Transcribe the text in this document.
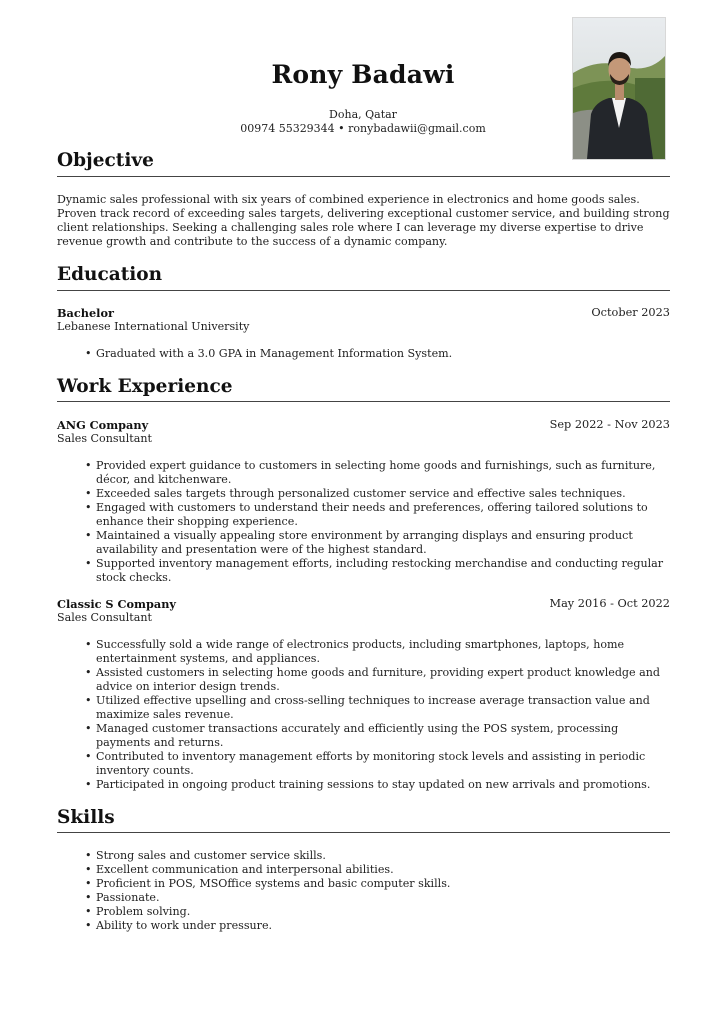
Rony Badawi
Doha, Qatar
00974 55329344 • ronybadawii@gmail.com
Objective
Dynamic sales professional with six years of combined experience in electronics and home goods sales. Proven track record of exceeding sales targets, delivering exceptional customer service, and building strong client relationships. Seeking a challenging sales role where I can leverage my diverse expertise to drive revenue growth and contribute to the success of a dynamic company.
Education
Bachelor	October 2023
Lebanese International University
• Graduated with a 3.0 GPA in Management Information System.
Work Experience
ANG Company	Sep 2022 - Nov 2023
Sales Consultant
• Provided expert guidance to customers in selecting home goods and furnishings, such as furniture, décor, and kitchenware.
• Exceeded sales targets through personalized customer service and effective sales techniques.
• Engaged with customers to understand their needs and preferences, offering tailored solutions to enhance their shopping experience.
• Maintained a visually appealing store environment by arranging displays and ensuring product availability and presentation were of the highest standard.
• Supported inventory management efforts, including restocking merchandise and conducting regular stock checks.
Classic S Company	May 2016 - Oct 2022
Sales Consultant
• Successfully sold a wide range of electronics products, including smartphones, laptops, home entertainment systems, and appliances.
• Assisted customers in selecting home goods and furniture, providing expert product knowledge and advice on interior design trends.
• Utilized effective upselling and cross-selling techniques to increase average transaction value and maximize sales revenue.
• Managed customer transactions accurately and efficiently using the POS system, processing payments and returns.
• Contributed to inventory management efforts by monitoring stock levels and assisting in periodic inventory counts.
• Participated in ongoing product training sessions to stay updated on new arrivals and promotions.
Skills
• Strong sales and customer service skills.
• Excellent communication and interpersonal abilities.
• Proficient in POS, MSOffice systems and basic computer skills.
• Passionate.
• Problem solving.
• Ability to work under pressure.
